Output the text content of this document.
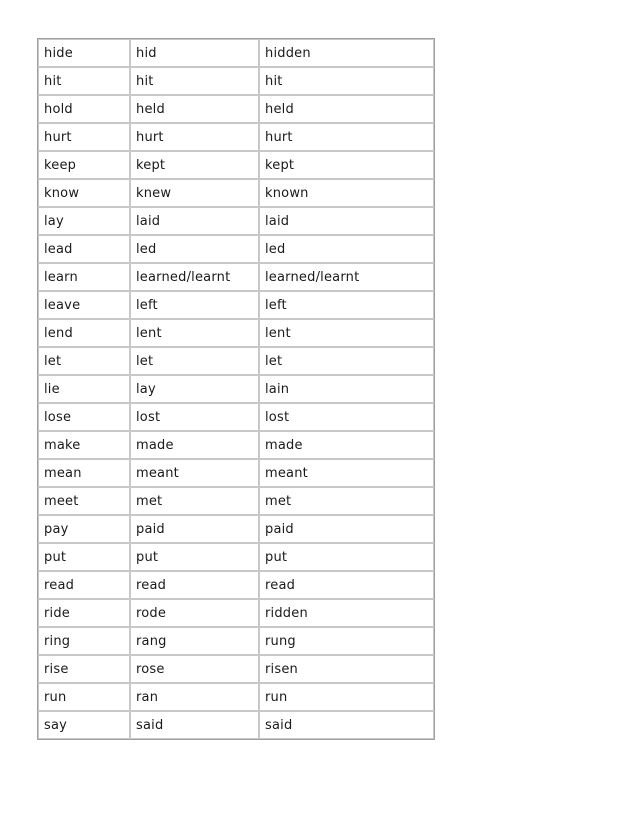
hide	hid	hidden
hit	hit	hit
hold	held	held
hurt	hurt	hurt
keep	kept	kept
know	knew	known
lay	laid	laid
lead	led	led
learn	learned/learnt	learned/learnt
leave	left	left
lend	lent	lent
let	let	let
lie	lay	lain
lose	lost	lost
make	made	made
mean	meant	meant
meet	met	met
pay	paid	paid
put	put	put
read	read	read
ride	rode	ridden
ring	rang	rung
rise	rose	risen
run	ran	run
say	said	said
